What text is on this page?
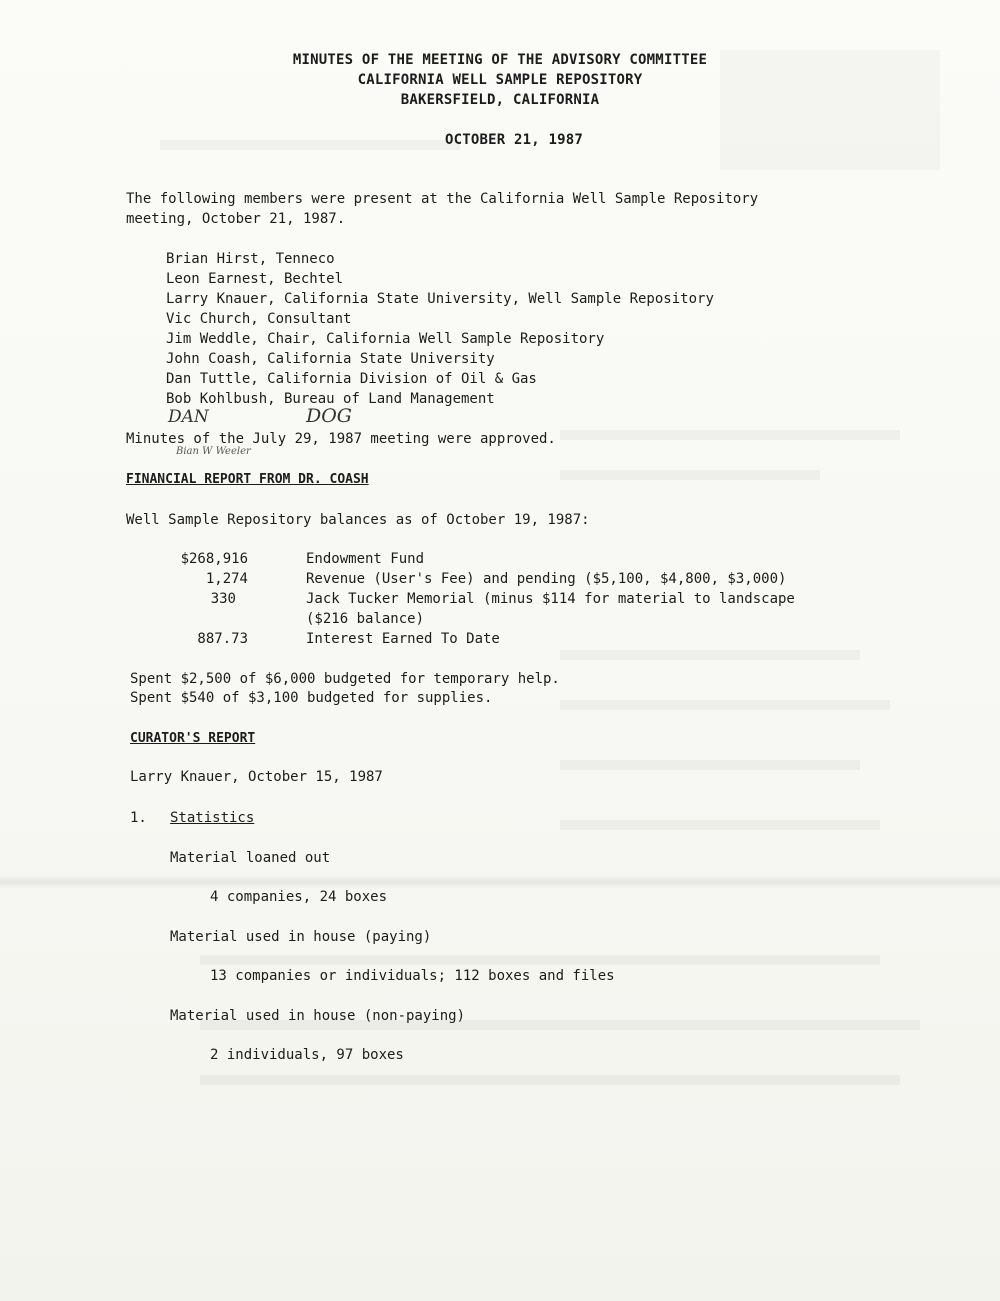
MINUTES OF THE MEETING OF THE ADVISORY COMMITTEE
CALIFORNIA WELL SAMPLE REPOSITORY
BAKERSFIELD, CALIFORNIA
OCTOBER 21, 1987
The following members were present at the California Well Sample Repository
meeting, October 21, 1987.
Brian Hirst, Tenneco
Leon Earnest, Bechtel
Larry Knauer, California State University, Well Sample Repository
Vic Church, Consultant
Jim Weddle, Chair, California Well Sample Repository
John Coash, California State University
Dan Tuttle, California Division of Oil & Gas
Bob Kohlbush, Bureau of Land Management
DAN	DOG
Bian W Weeler
Minutes of the July 29, 1987 meeting were approved.
FINANCIAL REPORT FROM DR. COASH
Well Sample Repository balances as of October 19, 1987:
$268,916	Endowment Fund
1,274	Revenue (User's Fee) and pending ($5,100, $4,800, $3,000)
330	Jack Tucker Memorial (minus $114 for material to landscape
($216 balance)
887.73	Interest Earned To Date
Spent $2,500 of $6,000 budgeted for temporary help.
Spent $540 of $3,100 budgeted for supplies.
CURATOR'S REPORT
Larry Knauer, October 15, 1987
1. Statistics
Material loaned out
4 companies, 24 boxes
Material used in house (paying)
13 companies or individuals; 112 boxes and files
Material used in house (non-paying)
2 individuals, 97 boxes
